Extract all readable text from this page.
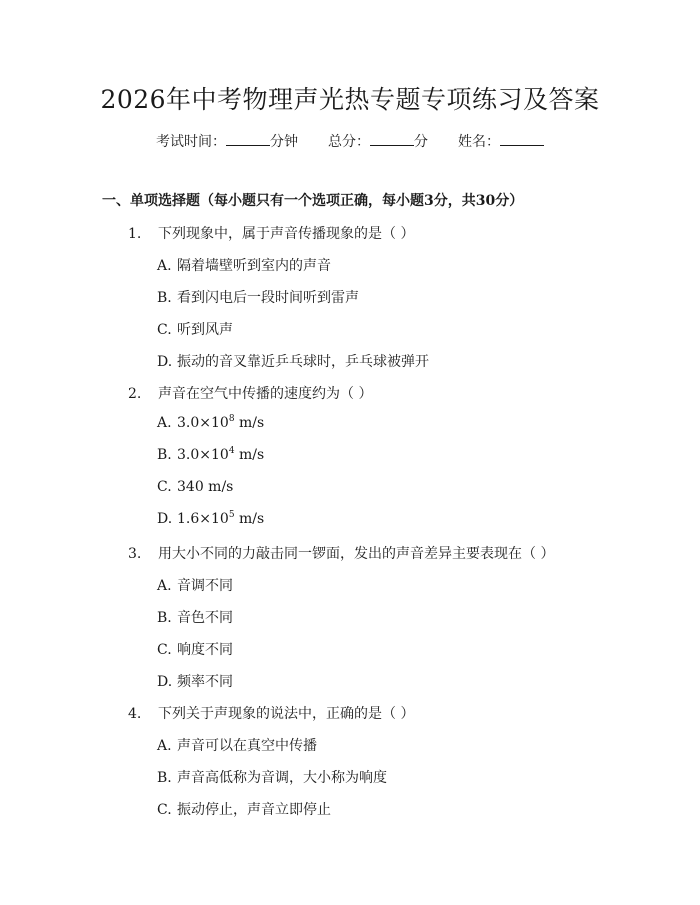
2026年中考物理声光热专题专项练习及答案
考试时间：	分钟 总分：	分 姓名：
一、单项选择题（每小题只有一个选项正确，每小题3分，共30分）
1. 下列现象中，属于声音传播现象的是（ ）
A. 隔着墙壁听到室内的声音
B. 看到闪电后一段时间听到雷声
C. 听到风声
D. 振动的音叉靠近乒乓球时，乒乓球被弹开
2. 声音在空气中传播的速度约为（ ）
A. $3.0\times 10^8$ m/s
B. $3.0\times 10^4$ m/s
C. 340 m/s
D. $1.6\times 10^5$ m/s
3. 用大小不同的力敲击同一锣面，发出的声音差异主要表现在（ ）
A. 音调不同
B. 音色不同
C. 响度不同
D. 频率不同
4. 下列关于声现象的说法中，正确的是（ ）
A. 声音可以在真空中传播
B. 声音高低称为音调，大小称为响度
C. 振动停止，声音立即停止
